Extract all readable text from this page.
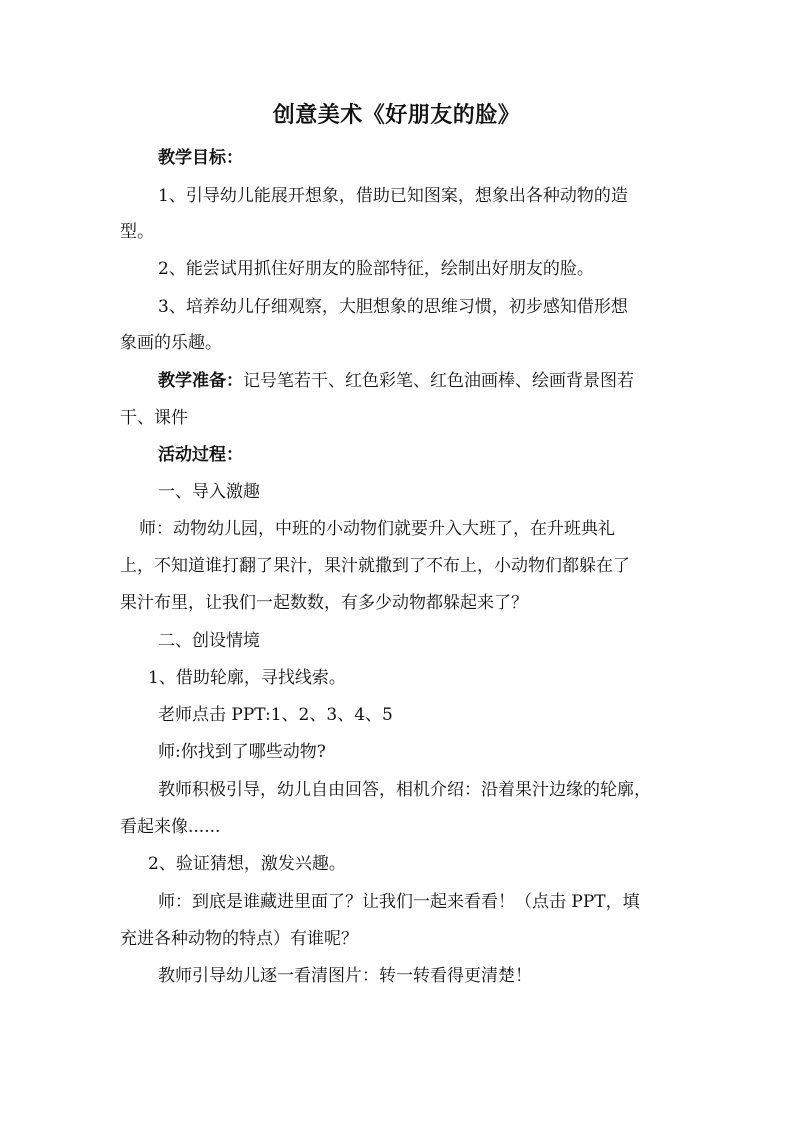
创意美术《好朋友的脸》
教学目标：
1、引导幼儿能展开想象，借助已知图案，想象出各种动物的造
型。
2、能尝试用抓住好朋友的脸部特征，绘制出好朋友的脸。
3、培养幼儿仔细观察，大胆想象的思维习惯，初步感知借形想
象画的乐趣。
教学准备：记号笔若干、红色彩笔、红色油画棒、绘画背景图若
干、课件
活动过程：
一、导入激趣
师：动物幼儿园，中班的小动物们就要升入大班了，在升班典礼
上，不知道谁打翻了果汁，果汁就撒到了不布上，小动物们都躲在了
果汁布里，让我们一起数数，有多少动物都躲起来了？
二、创设情境
1、借助轮廓，寻找线索。
老师点击 PPT:1、2、3、4、5
师:你找到了哪些动物?
教师积极引导，幼儿自由回答，相机介绍：沿着果汁边缘的轮廓，
看起来像......
2、验证猜想，激发兴趣。
师：到底是谁藏进里面了？让我们一起来看看！（点击 PPT，填
充进各种动物的特点）有谁呢？
教师引导幼儿逐一看清图片：转一转看得更清楚！
